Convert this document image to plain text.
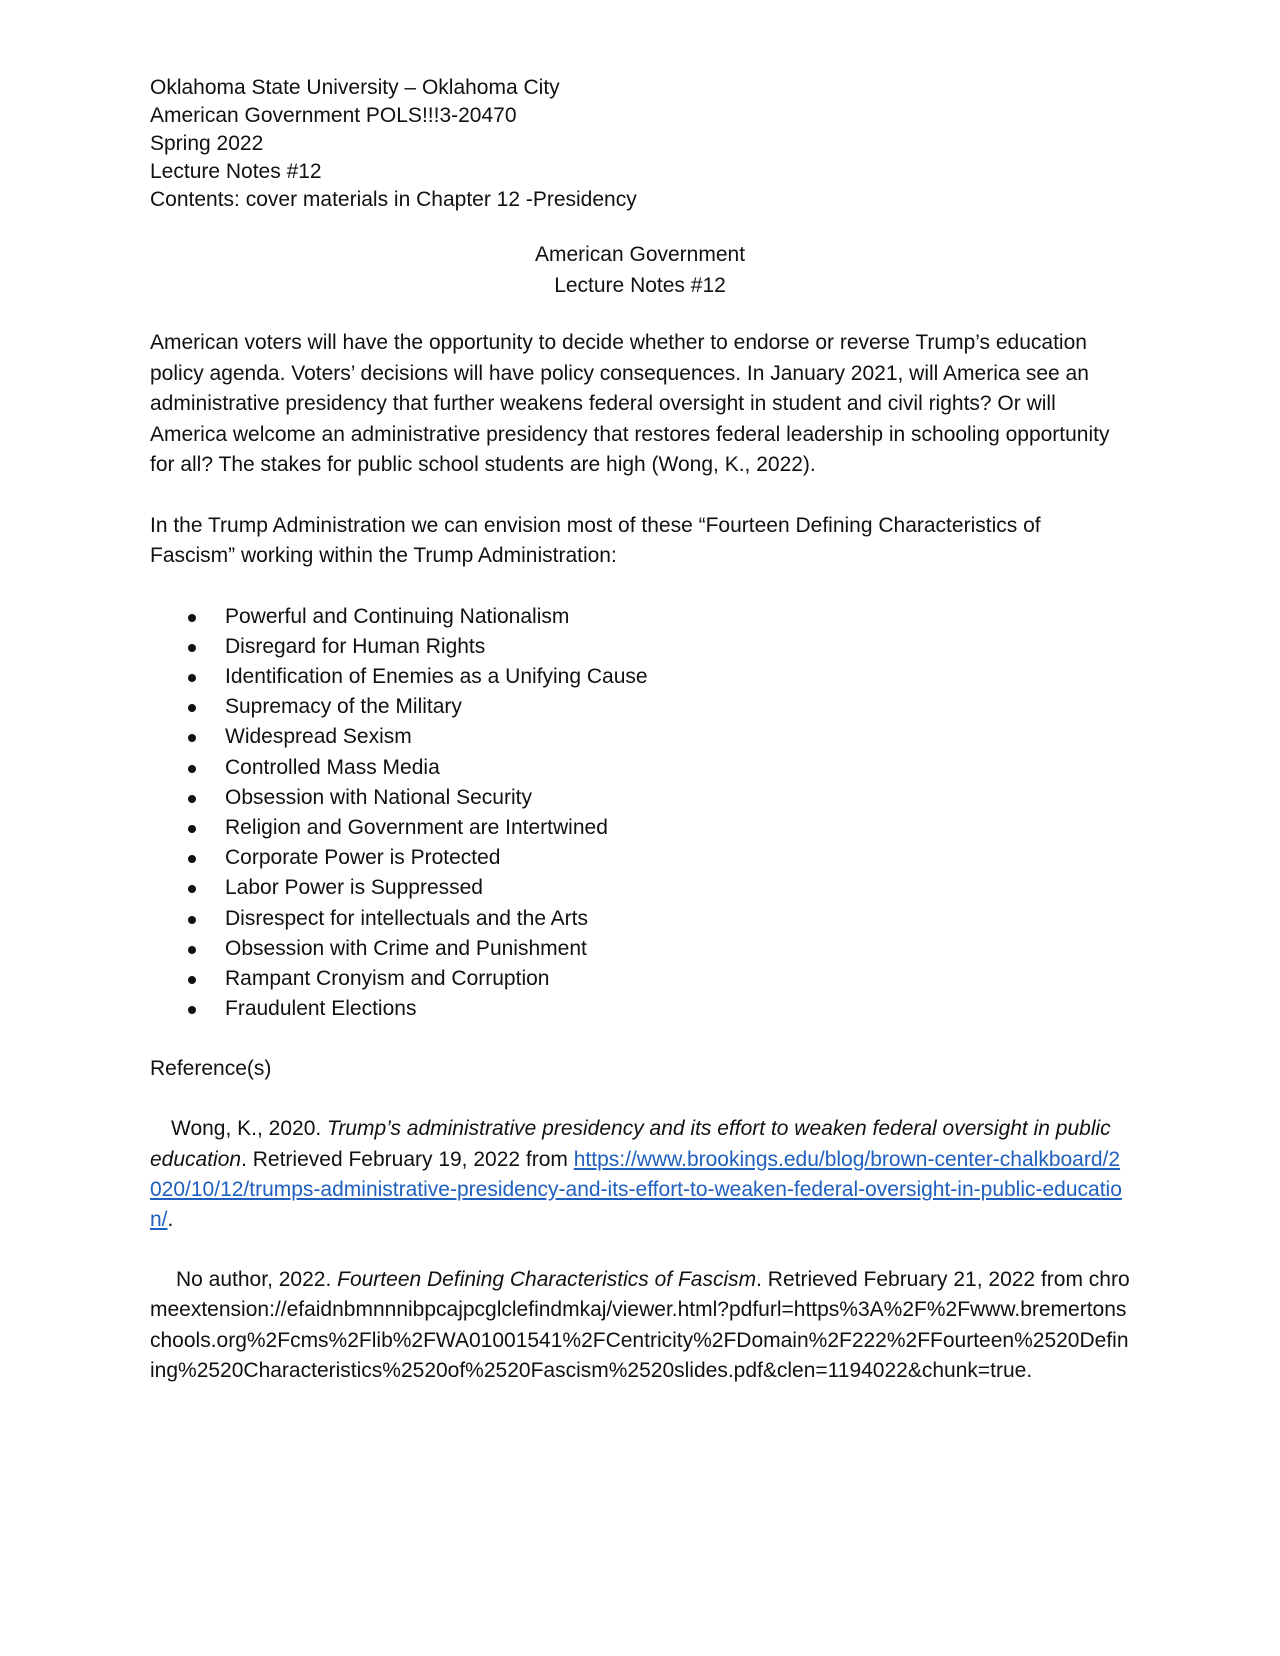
Oklahoma State University – Oklahoma City
American Government POLS!!!3-20470
Spring 2022
Lecture Notes #12
Contents: cover materials in Chapter 12 -Presidency
American Government
Lecture Notes #12

American voters will have the opportunity to decide whether to endorse or reverse Trump’s education policy agenda. Voters’ decisions will have policy consequences. In January 2021, will America see an administrative presidency that further weakens federal oversight in student and civil rights? Or will America welcome an administrative presidency that restores federal leadership in schooling opportunity for all? The stakes for public school students are high (Wong, K., 2022).

In the Trump Administration we can envision most of these “Fourteen Defining Characteristics of Fascism” working within the Trump Administration:

Powerful and Continuing Nationalism
Disregard for Human Rights
Identification of Enemies as a Unifying Cause
Supremacy of the Military
Widespread Sexism
Controlled Mass Media
Obsession with National Security
Religion and Government are Intertwined
Corporate Power is Protected
Labor Power is Suppressed
Disrespect for intellectuals and the Arts
Obsession with Crime and Punishment
Rampant Cronyism and Corruption
Fraudulent Elections
Reference(s)

Wong, K., 2020. Trump’s administrative presidency and its effort to weaken federal oversight in public education. Retrieved February 19, 2022 from https://www.brookings.edu/blog/brown-center-chalkboard/2020/10/12/trumps-administrative-presidency-and-its-effort-to-weaken-federal-oversight-in-public-education/.

No author, 2022. Fourteen Defining Characteristics of Fascism. Retrieved February 21, 2022 from chromeextension://efaidnbmnnnibpcajpcglclefindmkaj/viewer.html?pdfurl=https%3A%2F%2Fwww.bremertonschools.org%2Fcms%2Flib%2FWA01001541%2FCentricity%2FDomain%2F222%2FFourteen%2520Defining%2520Characteristics%2520of%2520Fascism%2520slides.pdf&clen=1194022&chunk=true.
